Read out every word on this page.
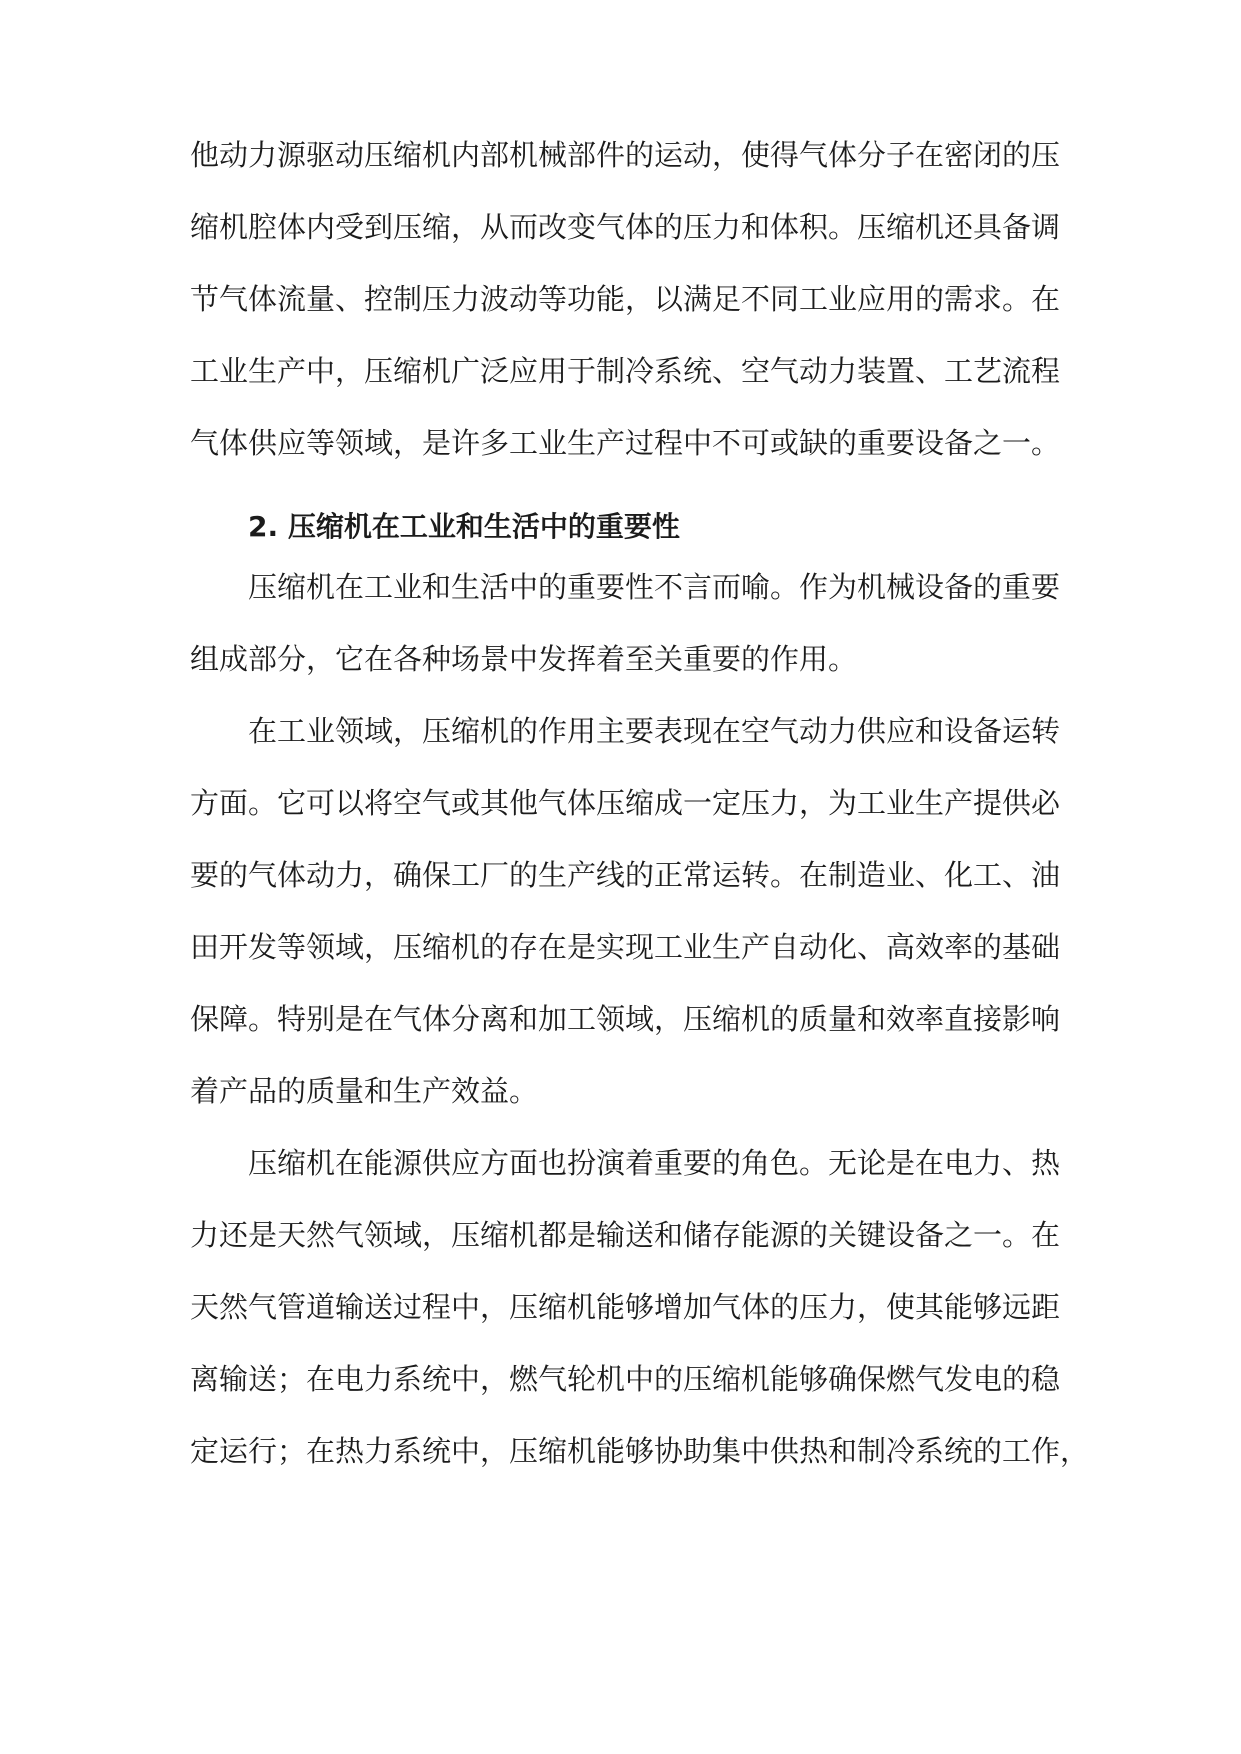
他动力源驱动压缩机内部机械部件的运动，使得气体分子在密闭的压
缩机腔体内受到压缩，从而改变气体的压力和体积。压缩机还具备调
节气体流量、控制压力波动等功能，以满足不同工业应用的需求。在
工业生产中，压缩机广泛应用于制冷系统、空气动力装置、工艺流程
气体供应等领域，是许多工业生产过程中不可或缺的重要设备之一。
2. 压缩机在工业和生活中的重要性
压缩机在工业和生活中的重要性不言而喻。作为机械设备的重要
组成部分，它在各种场景中发挥着至关重要的作用。
在工业领域，压缩机的作用主要表现在空气动力供应和设备运转
方面。它可以将空气或其他气体压缩成一定压力，为工业生产提供必
要的气体动力，确保工厂的生产线的正常运转。在制造业、化工、油
田开发等领域，压缩机的存在是实现工业生产自动化、高效率的基础
保障。特别是在气体分离和加工领域，压缩机的质量和效率直接影响
着产品的质量和生产效益。
压缩机在能源供应方面也扮演着重要的角色。无论是在电力、热
力还是天然气领域，压缩机都是输送和储存能源的关键设备之一。在
天然气管道输送过程中，压缩机能够增加气体的压力，使其能够远距
离输送；在电力系统中，燃气轮机中的压缩机能够确保燃气发电的稳
定运行；在热力系统中，压缩机能够协助集中供热和制冷系统的工作，
